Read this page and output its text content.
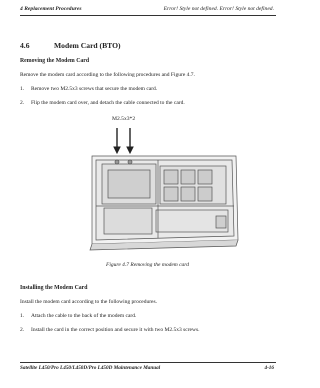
4 Replacement Procedures	Error! Style not defined. Error! Style not defined.
4.6	Modem Card (BTO)
Removing the Modem Card
Remove the modem card according to the following procedures and Figure 4.7.
1. Remove two M2.5x3 screws that secure the modem card.
2. Flip the modem card over, and detach the cable connected to the card.
M2.5x3*2
Figure 4.7 Removing the modem card
Installing the Modem Card
Install the modem card according to the following procedures.
1. Attach the cable to the back of the modem card.
2. Install the card in the correct position and secure it with two M2.5x3 screws.
Satellite L450/Pro L450/L450D/Pro L450D Maintenance Manual	4-16
